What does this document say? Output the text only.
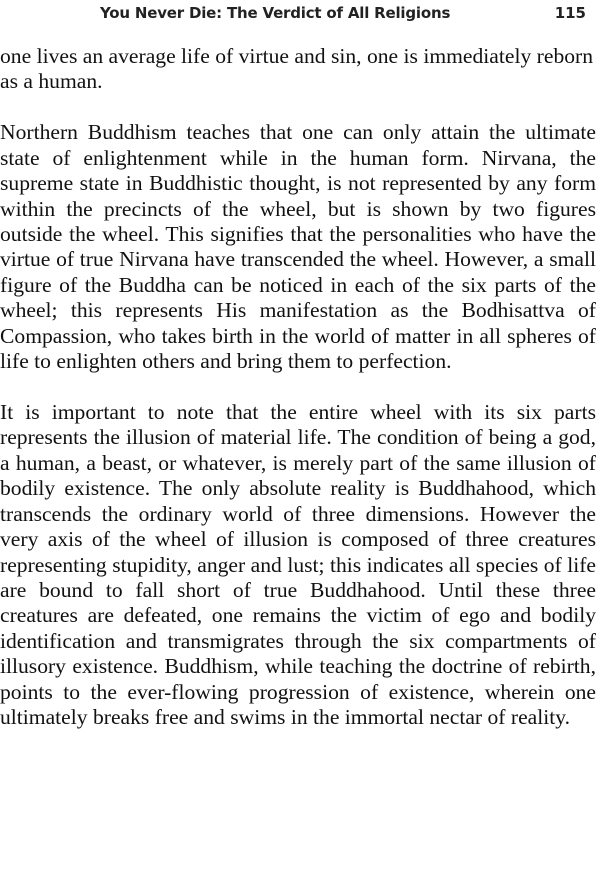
You Never Die: The Verdict of All Religions	115

one lives an average life of virtue and sin, one is immediately reborn as a human.

Northern Buddhism teaches that one can only attain the ultimate state of enlightenment while in the human form. Nirvana, the supreme state in Buddhistic thought, is not represented by any form within the precincts of the wheel, but is shown by two figures outside the wheel. This signifies that the personalities who have the virtue of true Nirvana have transcended the wheel. However, a small figure of the Buddha can be noticed in each of the six parts of the wheel; this represents His manifestation as the Bodhisattva of Compassion, who takes birth in the world of matter in all spheres of life to enlighten others and bring them to perfection.

It is important to note that the entire wheel with its six parts represents the illusion of material life. The condition of being a god, a human, a beast, or whatever, is merely part of the same illusion of bodily existence. The only absolute reality is Buddhahood, which transcends the ordinary world of three dimensions. However the very axis of the wheel of illusion is composed of three creatures representing stupidity, anger and lust; this indicates all species of life are bound to fall short of true Buddhahood. Until these three creatures are defeated, one remains the victim of ego and bodily identification and transmigrates through the six compartments of illusory existence. Buddhism, while teaching the doctrine of rebirth, points to the ever-flowing progression of existence, wherein one ultimately breaks free and swims in the immortal nectar of reality.
